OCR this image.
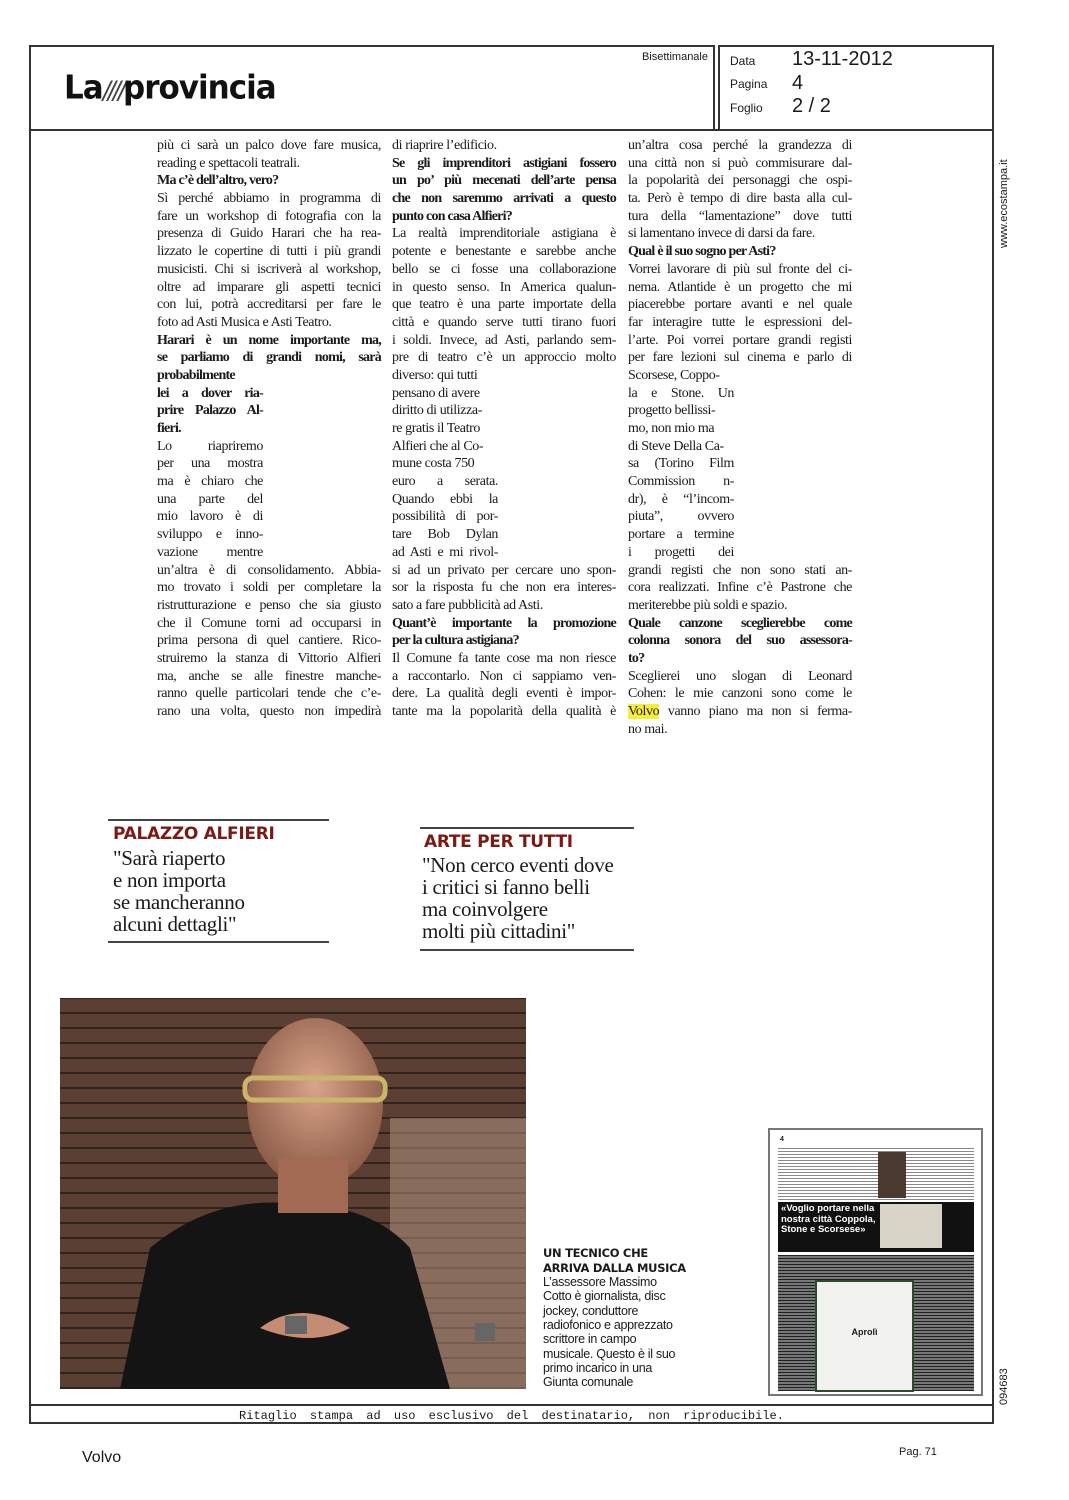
La////provincia
Bisettimanale Data 13-11-2012
Pagina 4
Foglio 2 / 2
www.ecostampa.it
094683
più ci sarà un palco dove fare musica,
reading e spettacoli teatrali.
Ma c’è dell’altro, vero?
Sì perché abbiamo in programma di
fare un workshop di fotografia con la
presenza di Guido Harari che ha rea-
lizzato le copertine di tutti i più grandi
musicisti. Chi si iscriverà al workshop,
oltre ad imparare gli aspetti tecnici
con lui, potrà accreditarsi per fare le
foto ad Asti Musica e Asti Teatro.
Harari è un nome importante ma,
se parliamo di grandi nomi, sarà
probabilmente
lei a dover ria-
prire Palazzo Al-
fieri.
Lo riapriremo
per una mostra
ma è chiaro che
una parte del
mio lavoro è di
sviluppo e inno-
vazione mentre
un’altra è di consolidamento. Abbia-
mo trovato i soldi per completare la
ristrutturazione e penso che sia giusto
che il Comune torni ad occuparsi in
prima persona di quel cantiere. Rico-
struiremo la stanza di Vittorio Alfieri
ma, anche se alle finestre manche-
ranno quelle particolari tende che c’e-
rano una volta, questo non impedirà
di riaprire l’edificio.
Se gli imprenditori astigiani fossero
un po’ più mecenati dell’arte pensa
che non saremmo arrivati a questo
punto con casa Alfieri?
La realtà imprenditoriale astigiana è
potente e benestante e sarebbe anche
bello se ci fosse una collaborazione
in questo senso. In America qualun-
que teatro è una parte importate della
città e quando serve tutti tirano fuori
i soldi. Invece, ad Asti, parlando sem-
pre di teatro c’è un approccio molto
diverso: qui tutti
pensano di avere
diritto di utilizza-
re gratis il Teatro
Alfieri che al Co-
mune costa 750
euro a serata.
Quando ebbi la
possibilità di por-
tare Bob Dylan
ad Asti e mi rivol-
si ad un privato per cercare uno spon-
sor la risposta fu che non era interes-
sato a fare pubblicità ad Asti.
Quant’è importante la promozione
per la cultura astigiana?
Il Comune fa tante cose ma non riesce
a raccontarlo. Non ci sappiamo ven-
dere. La qualità degli eventi è impor-
tante ma la popolarità della qualità è
un’altra cosa perché la grandezza di
una città non si può commisurare dal-
la popolarità dei personaggi che ospi-
ta. Però è tempo di dire basta alla cul-
tura della “lamentazione” dove tutti
si lamentano invece di darsi da fare.
Qual è il suo sogno per Asti?
Vorrei lavorare di più sul fronte del ci-
nema. Atlantide è un progetto che mi
piacerebbe portare avanti e nel quale
far interagire tutte le espressioni del-
l’arte. Poi vorrei portare grandi registi
per fare lezioni sul cinema e parlo di
Scorsese, Coppo-
la e Stone. Un
progetto bellissi-
mo, non mio ma
di Steve Della Ca-
sa (Torino Film
Commission n-
dr), è “l’incom-
piuta”, ovvero
portare a termine
i progetti dei
grandi registi che non sono stati an-
cora realizzati. Infine c’è Pastrone che
meriterebbe più soldi e spazio.
Quale canzone sceglierebbe come
colonna sonora del suo assessora-
to?
Sceglierei uno slogan di Leonard
Cohen: le mie canzoni sono come le
Volvo vanno piano ma non si ferma-
no mai.
PALAZZO ALFIERI
"Sarà riaperto
e non importa
se mancheranno
alcuni dettagli"
ARTE PER TUTTI
"Non cerco eventi dove
i critici si fanno belli
ma coinvolgere
molti più cittadini"
UN TECNICO CHE
ARRIVA DALLA MUSICA
L’assessore Massimo
Cotto è giornalista, disc
jockey, conduttore
radiofonico e apprezzato
scrittore in campo
musicale. Questo è il suo
primo incarico in una
Giunta comunale
4
«Voglio portare nella nostra città Coppola, Stone e Scorsese»
Aprolì
Ritaglio stampa ad uso esclusivo del destinatario, non riproducibile.
Volvo	Pag. 71
